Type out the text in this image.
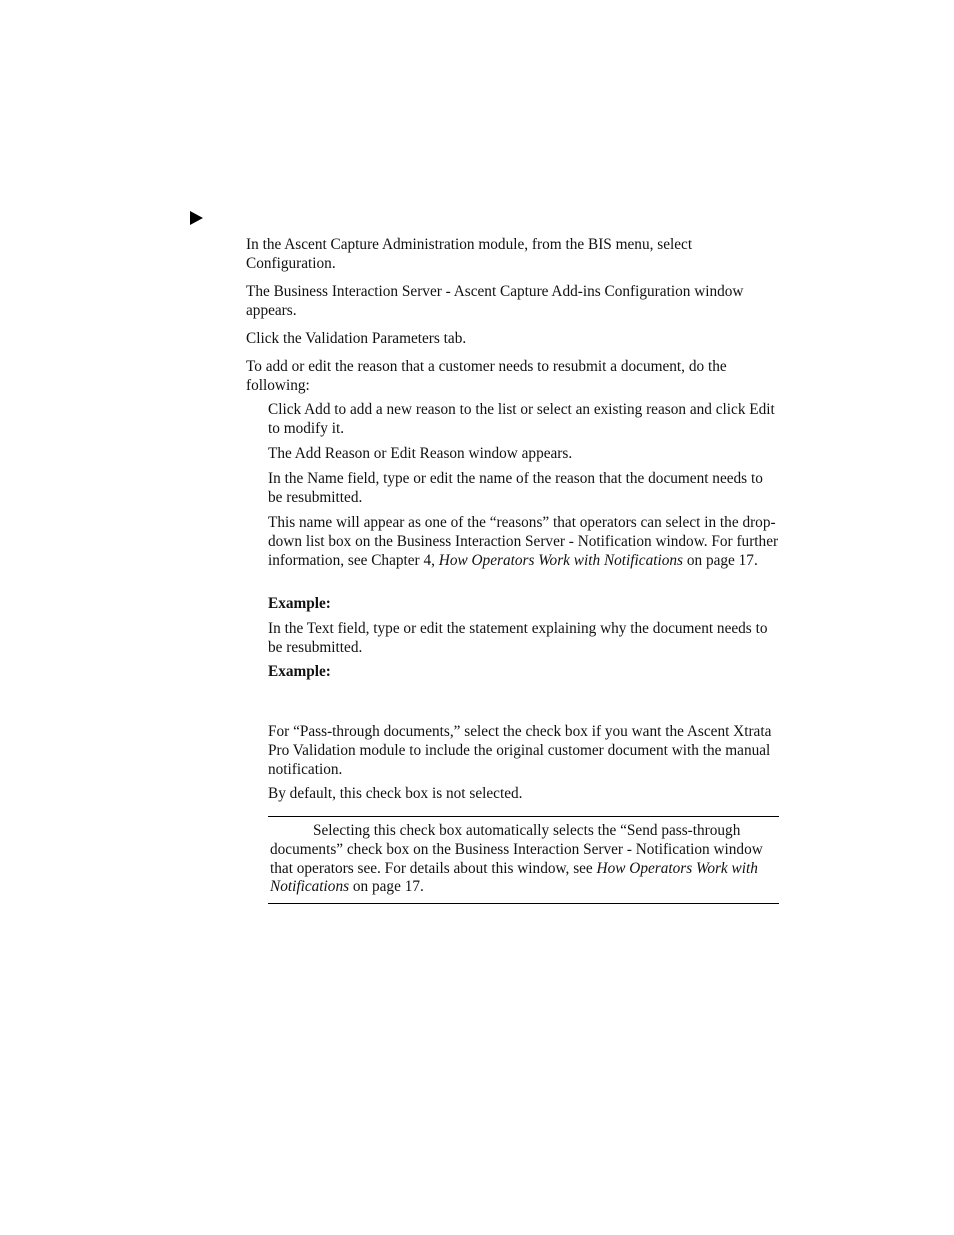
In the Ascent Capture Administration module, from the BIS menu, select Configuration.

The Business Interaction Server - Ascent Capture Add-ins Configuration window appears.

Click the Validation Parameters tab.

To add or edit the reason that a customer needs to resubmit a document, do the following:

Click Add to add a new reason to the list or select an existing reason and click Edit to modify it.

The Add Reason or Edit Reason window appears.

In the Name field, type or edit the name of the reason that the document needs to be resubmitted.

This name will appear as one of the “reasons” that operators can select in the drop-down list box on the Business Interaction Server - Notification window. For further information, see Chapter 4, How Operators Work with Notifications on page 17.

Example:

In the Text field, type or edit the statement explaining why the document needs to be resubmitted.

Example:

For “Pass-through documents,” select the check box if you want the Ascent Xtrata Pro Validation module to include the original customer document with the manual notification.

By default, this check box is not selected.

Selecting this check box automatically selects the “Send pass-through documents” check box on the Business Interaction Server - Notification window that operators see. For details about this window, see How Operators Work with Notifications on page 17.
